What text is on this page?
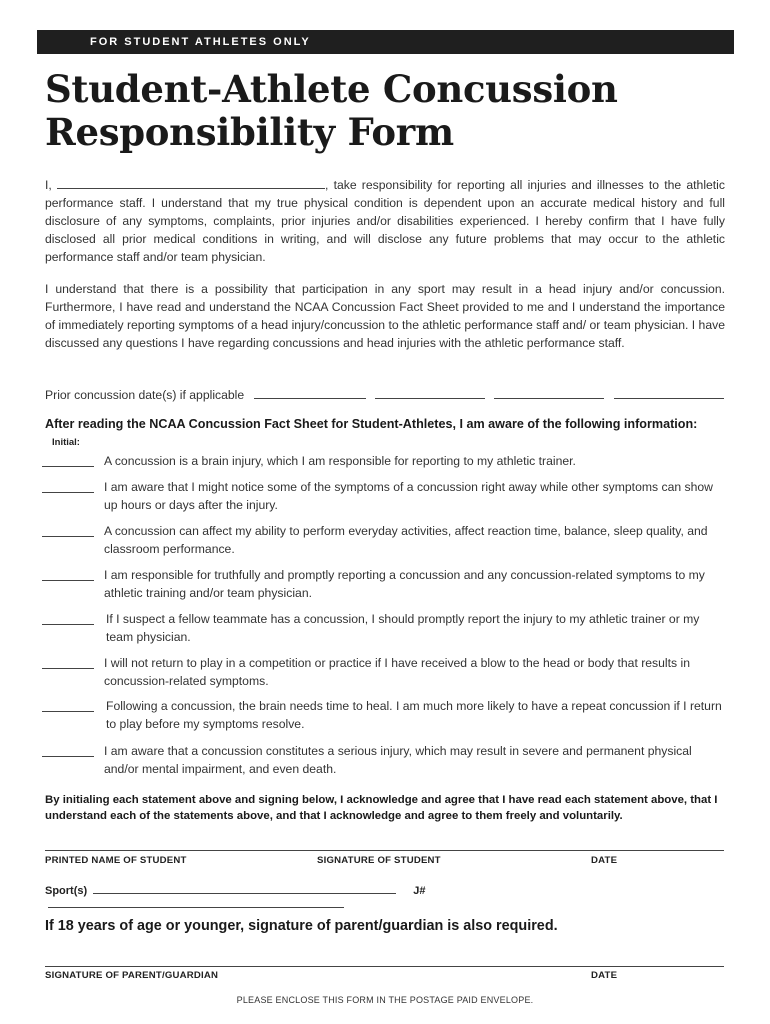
FOR STUDENT ATHLETES ONLY
Student-Athlete Concussion
Responsibility Form

I,	, take responsibility for reporting all injuries and illnesses to the athletic performance staff. I understand that my true physical condition is dependent upon an accurate medical history and full disclosure of any symptoms, complaints, prior injuries and/or disabilities experienced. I hereby confirm that I have fully disclosed all prior medical conditions in writing, and will disclose any future problems that may occur to the athletic performance staff and/or team physician.

I understand that there is a possibility that participation in any sport may result in a head injury and/or concussion. Furthermore, I have read and understand the NCAA Concussion Fact Sheet provided to me and I understand the importance of immediately reporting symptoms of a head injury/concussion to the athletic performance staff and/ or team physician. I have discussed any questions I have regarding concussions and head injuries with the athletic performance staff.

Prior concussion date(s) if applicable
After reading the NCAA Concussion Fact Sheet for Student-Athletes, I am aware of the following information:
Initial:
A concussion is a brain injury, which I am responsible for reporting to my athletic trainer.
I am aware that I might notice some of the symptoms of a concussion right away while other symptoms can show up hours or days after the injury.
A concussion can affect my ability to perform everyday activities, affect reaction time, balance, sleep quality, and classroom performance.
I am responsible for truthfully and promptly reporting a concussion and any concussion-related symptoms to my athletic training and/or team physician.
If I suspect a fellow teammate has a concussion, I should promptly report the injury to my athletic trainer or my team physician.
I will not return to play in a competition or practice if I have received a blow to the head or body that results in concussion-related symptoms.
Following a concussion, the brain needs time to heal. I am much more likely to have a repeat concussion if I return to play before my symptoms resolve.
I am aware that a concussion constitutes a serious injury, which may result in severe and permanent physical and/or mental impairment, and even death.
By initialing each statement above and signing below, I acknowledge and agree that I have read each statement above, that I understand each of the statements above, and that I acknowledge and agree to them freely and voluntarily.
PRINTED NAME OF STUDENT	SIGNATURE OF STUDENT	DATE
Sport(s)	J#
If 18 years of age or younger, signature of parent/guardian is also required.
SIGNATURE OF PARENT/GUARDIAN	DATE
PLEASE ENCLOSE THIS FORM IN THE POSTAGE PAID ENVELOPE.
